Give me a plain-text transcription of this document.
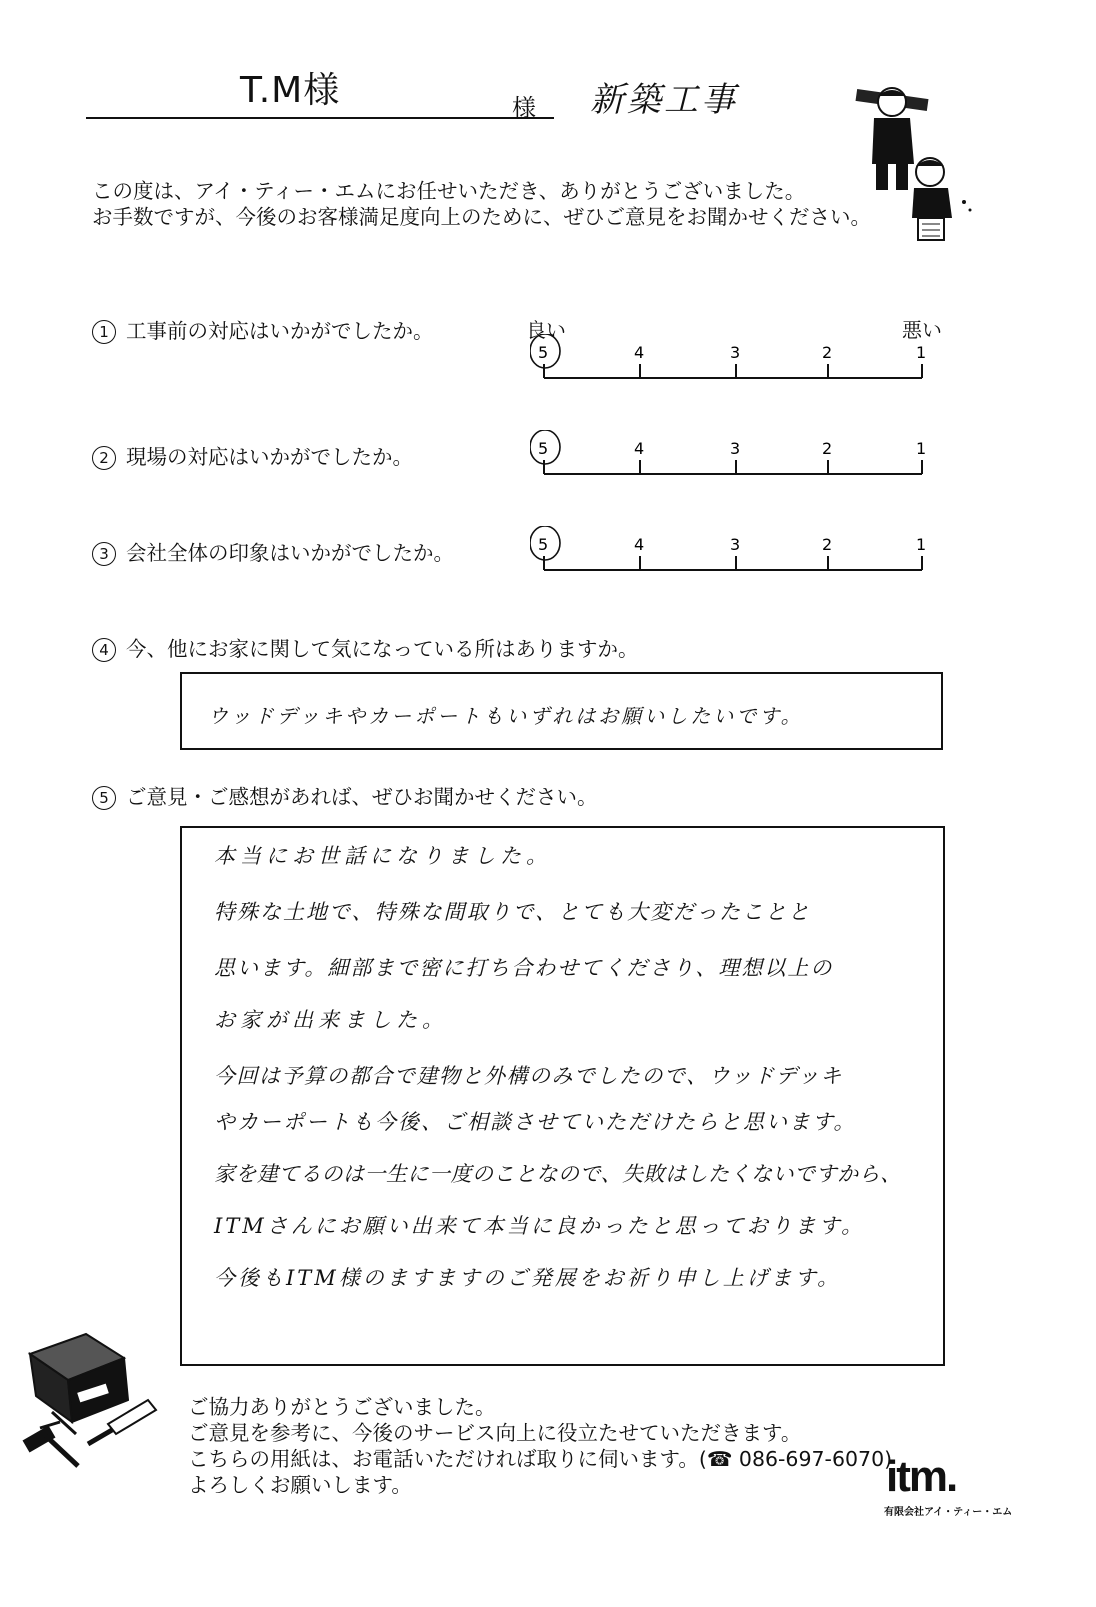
T.M様	様 新築工事
この度は、アイ・ティー・エムにお任せいただき、ありがとうございました。
お手数ですが、今後のお客様満足度向上のために、ぜひご意見をお聞かせください。
1 工事前の対応はいかがでしたか。	良い	悪い
5	4	3	2	1
2 現場の対応はいかがでしたか。	5	4	3	2	1
3 会社全体の印象はいかがでしたか。	5	4	3	2	1
4 今、他にお家に関して気になっている所はありますか。
ウッドデッキやカーポートもいずれはお願いしたいです。
5 ご意見・ご感想があれば、ぜひお聞かせください。
本当にお世話になりました。
特殊な土地で、特殊な間取りで、とても大変だったことと
思います。細部まで密に打ち合わせてくださり、理想以上の
お家が出来ました。
今回は予算の都合で建物と外構のみでしたので、ウッドデッキ
やカーポートも今後、ご相談させていただけたらと思います。
家を建てるのは一生に一度のことなので、失敗はしたくないですから、
ITMさんにお願い出来て本当に良かったと思っております。
今後もITM様のますますのご発展をお祈り申し上げます。
ご協力ありがとうございました。
ご意見を参考に、今後のサービス向上に役立たせていただきます。
こちらの用紙は、お電話いただければ取りに伺います。(☎ 086-697-6070)
よろしくお願いします。	itm.
有限会社アイ・ティー・エム
